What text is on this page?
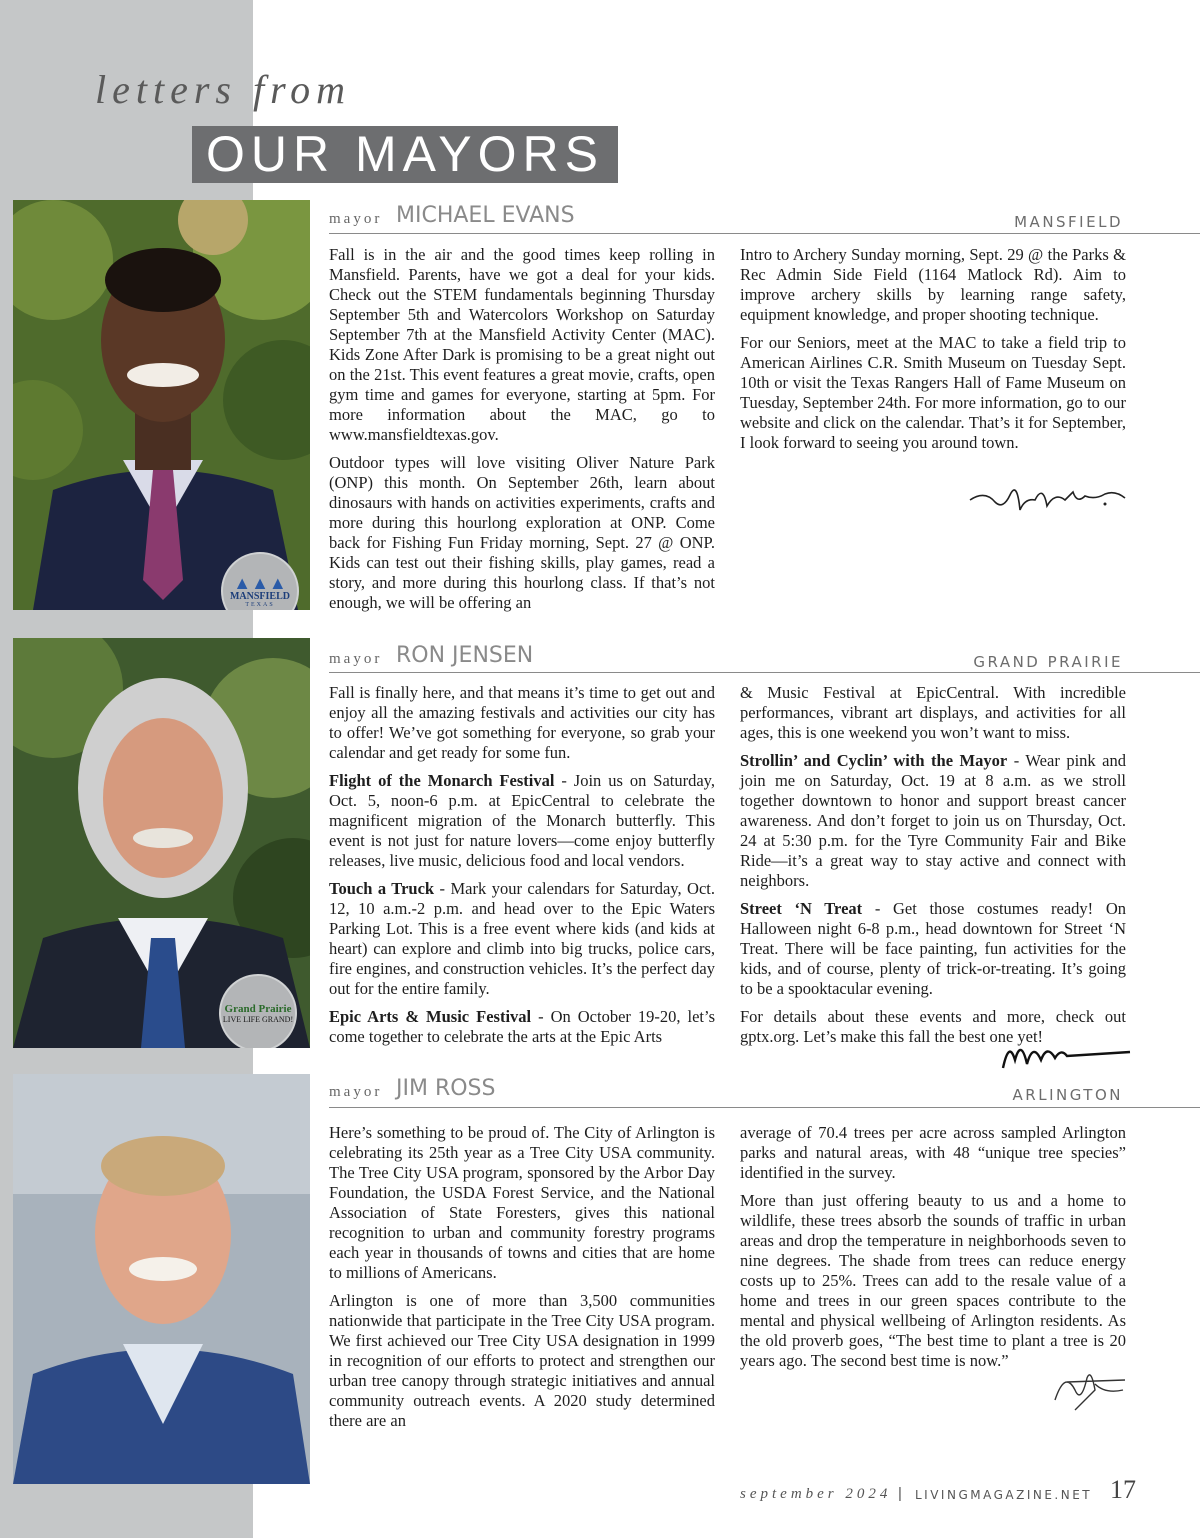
letters from
OUR MAYORS
▲▲▲
MANSFIELD
TEXAS
mayor MICHAEL EVANS	MANSFIELD

Fall is in the air and the good times keep rolling in Mansfield. Parents, have we got a deal for your kids. Check out the STEM fundamentals beginning Thursday September 5th and Watercolors Workshop on Saturday September 7th at the Mansfield Activity Center (MAC). Kids Zone After Dark is promising to be a great night out on the 21st. This event features a great movie, crafts, open gym time and games for everyone, starting at 5pm. For more information about the MAC, go to www.mansfieldtexas.gov.

Outdoor types will love visiting Oliver Nature Park (ONP) this month. On September 26th, learn about dinosaurs with hands on activities experiments, crafts and more during this hourlong exploration at ONP. Come back for Fishing Fun Friday morning, Sept. 27 @ ONP. Kids can test out their fishing skills, play games, read a story, and more during this hourlong class. If that’s not enough, we will be offering an

Intro to Archery Sunday morning, Sept. 29 @ the Parks & Rec Admin Side Field (1164 Matlock Rd). Aim to improve archery skills by learning range safety, equipment knowledge, and proper shooting technique.

For our Seniors, meet at the MAC to take a field trip to American Airlines C.R. Smith Museum on Tuesday Sept. 10th or visit the Texas Rangers Hall of Fame Museum on Tuesday, September 24th. For more information, go to our website and click on the calendar. That’s it for September, I look forward to seeing you around town.

Grand Prairie
LIVE LIFE GRAND!
mayor RON JENSEN	GRAND PRAIRIE

Fall is finally here, and that means it’s time to get out and enjoy all the amazing festivals and activities our city has to offer! We’ve got something for everyone, so grab your calendar and get ready for some fun.

Flight of the Monarch Festival - Join us on Saturday, Oct. 5, noon-6 p.m. at EpicCentral to celebrate the magnificent migration of the Monarch butterfly. This event is not just for nature lovers—come enjoy butterfly releases, live music, delicious food and local vendors.

Touch a Truck - Mark your calendars for Saturday, Oct. 12, 10 a.m.-2 p.m. and head over to the Epic Waters Parking Lot. This is a free event where kids (and kids at heart) can explore and climb into big trucks, police cars, fire engines, and construction vehicles. It’s the perfect day out for the entire family.

Epic Arts & Music Festival - On October 19-20, let’s come together to celebrate the arts at the Epic Arts

& Music Festival at EpicCentral. With incredible performances, vibrant art displays, and activities for all ages, this is one weekend you won’t want to miss.

Strollin’ and Cyclin’ with the Mayor - Wear pink and join me on Saturday, Oct. 19 at 8 a.m. as we stroll together downtown to honor and support breast cancer awareness. And don’t forget to join us on Thursday, Oct. 24 at 5:30 p.m. for the Tyre Community Fair and Bike Ride—it’s a great way to stay active and connect with neighbors.

Street ‘N Treat - Get those costumes ready! On Halloween night 6-8 p.m., head downtown for Street ‘N Treat. There will be face painting, fun activities for the kids, and of course, plenty of trick-or-treating. It’s going to be a spooktacular evening.

For details about these events and more, check out gptx.org. Let’s make this fall the best one yet!

mayor JIM ROSS	ARLINGTON

Here’s something to be proud of. The City of Arlington is celebrating its 25th year as a Tree City USA community. The Tree City USA program, sponsored by the Arbor Day Foundation, the USDA Forest Service, and the National Association of State Foresters, gives this national recognition to urban and community forestry programs each year in thousands of towns and cities that are home to millions of Americans.

Arlington is one of more than 3,500 communities nationwide that participate in the Tree City USA program. We first achieved our Tree City USA designation in 1999 in recognition of our efforts to protect and strengthen our urban tree canopy through strategic initiatives and annual community outreach events. A 2020 study determined there are an

average of 70.4 trees per acre across sampled Arlington parks and natural areas, with 48 “unique tree species” identified in the survey.

More than just offering beauty to us and a home to wildlife, these trees absorb the sounds of traffic in urban areas and drop the temperature in neighborhoods seven to nine degrees. The shade from trees can reduce energy costs up to 25%. Trees can add to the resale value of a home and trees in our green spaces contribute to the mental and physical wellbeing of Arlington residents. As the old proverb goes, “The best time to plant a tree is 20 years ago. The second best time is now.”

september 2024 | LIVINGMAGAZINE.NET 17
